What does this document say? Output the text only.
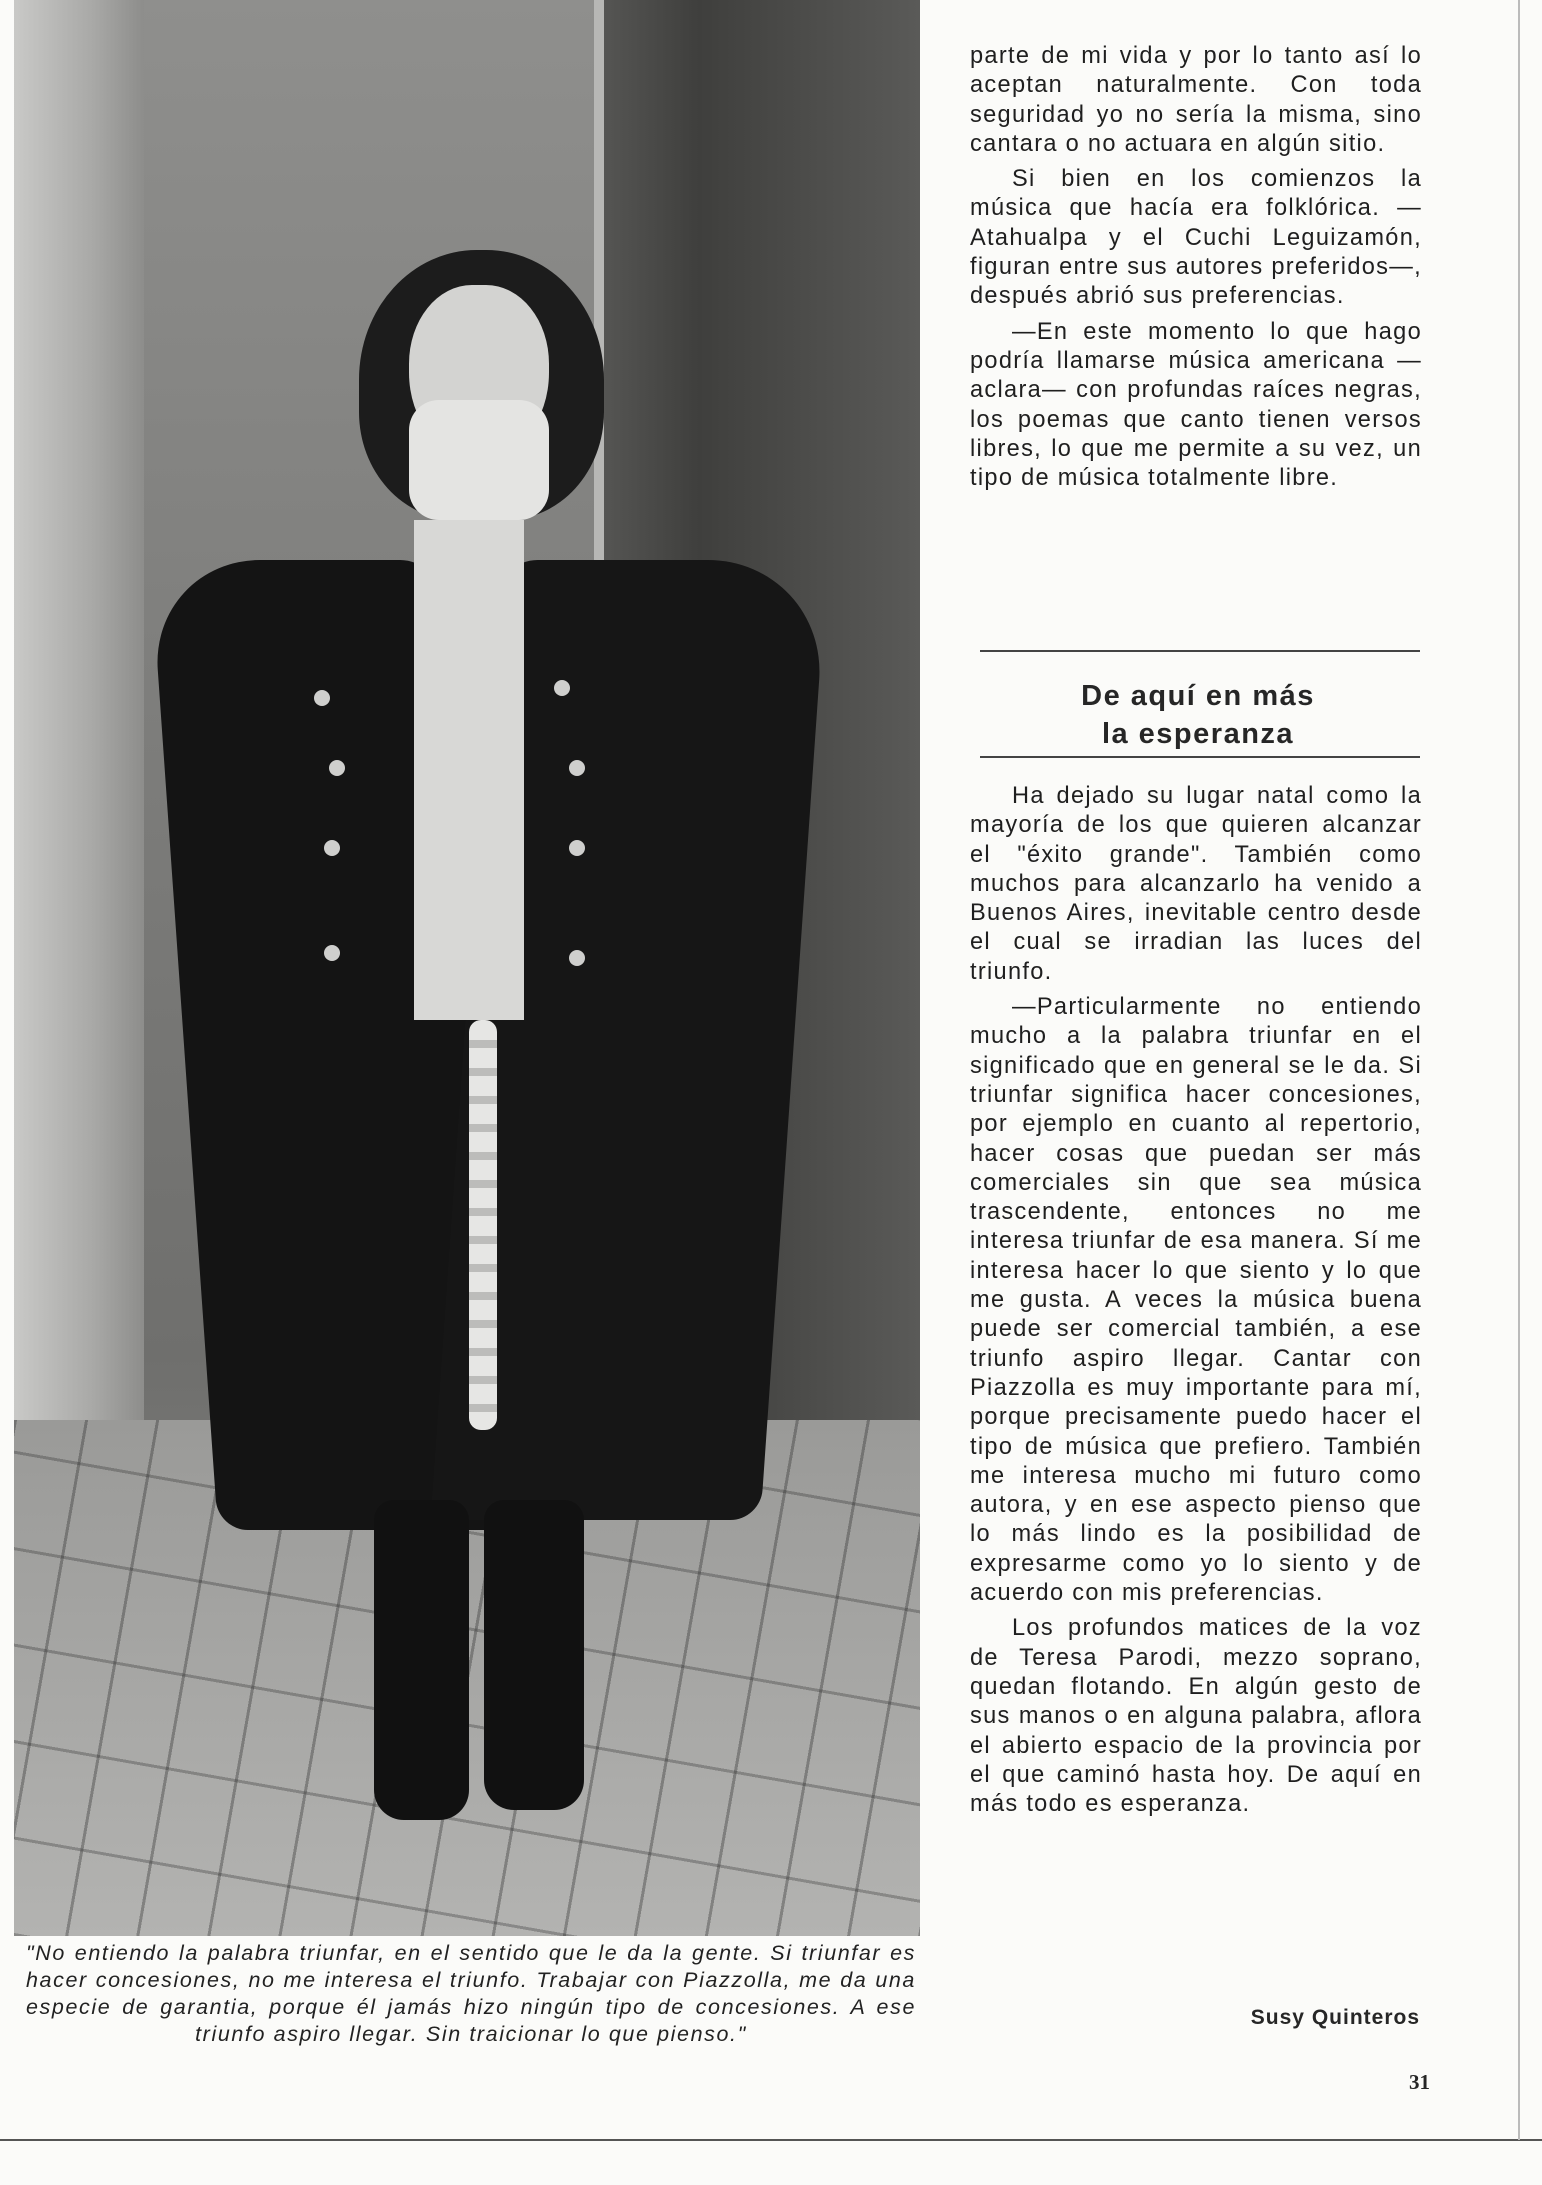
"No entiendo la palabra triunfar, en el sentido que le da la gente. Si triunfar es hacer concesiones, no me interesa el triunfo. Trabajar con Piazzolla, me da una especie de garantia, porque él jamás hizo ningún tipo de concesiones. A ese triunfo aspiro llegar. Sin traicionar lo que pienso."

parte de mi vida y por lo tanto así lo aceptan naturalmente. Con toda seguridad yo no sería la misma, sino cantara o no actuara en algún sitio.

Si bien en los comienzos la música que hacía era folklórica. —Atahualpa y el Cuchi Leguizamón, figuran entre sus autores preferidos—, después abrió sus preferencias.

—En este momento lo que hago podría llamarse música americana —aclara— con profundas raíces negras, los poemas que canto tienen versos libres, lo que me permite a su vez, un tipo de música totalmente libre.

De aquí en más
la esperanza

Ha dejado su lugar natal como la mayoría de los que quieren alcanzar el "éxito grande". También como muchos para alcanzarlo ha venido a Buenos Aires, inevitable centro desde el cual se irradian las luces del triunfo.

—Particularmente no entiendo mucho a la palabra triunfar en el significado que en general se le da. Si triunfar significa hacer concesiones, por ejemplo en cuanto al repertorio, hacer cosas que puedan ser más comerciales sin que sea música trascendente, entonces no me interesa triunfar de esa manera. Sí me interesa hacer lo que siento y lo que me gusta. A veces la música buena puede ser comercial también, a ese triunfo aspiro llegar. Cantar con Piazzolla es muy importante para mí, porque precisamente puedo hacer el tipo de música que prefiero. También me interesa mucho mi futuro como autora, y en ese aspecto pienso que lo más lindo es la posibilidad de expresarme como yo lo siento y de acuerdo con mis preferencias.

Los profundos matices de la voz de Teresa Parodi, mezzo soprano, quedan flotando. En algún gesto de sus manos o en alguna palabra, aflora el abierto espacio de la provincia por el que caminó hasta hoy. De aquí en más todo es esperanza.

Susy Quinteros
31
